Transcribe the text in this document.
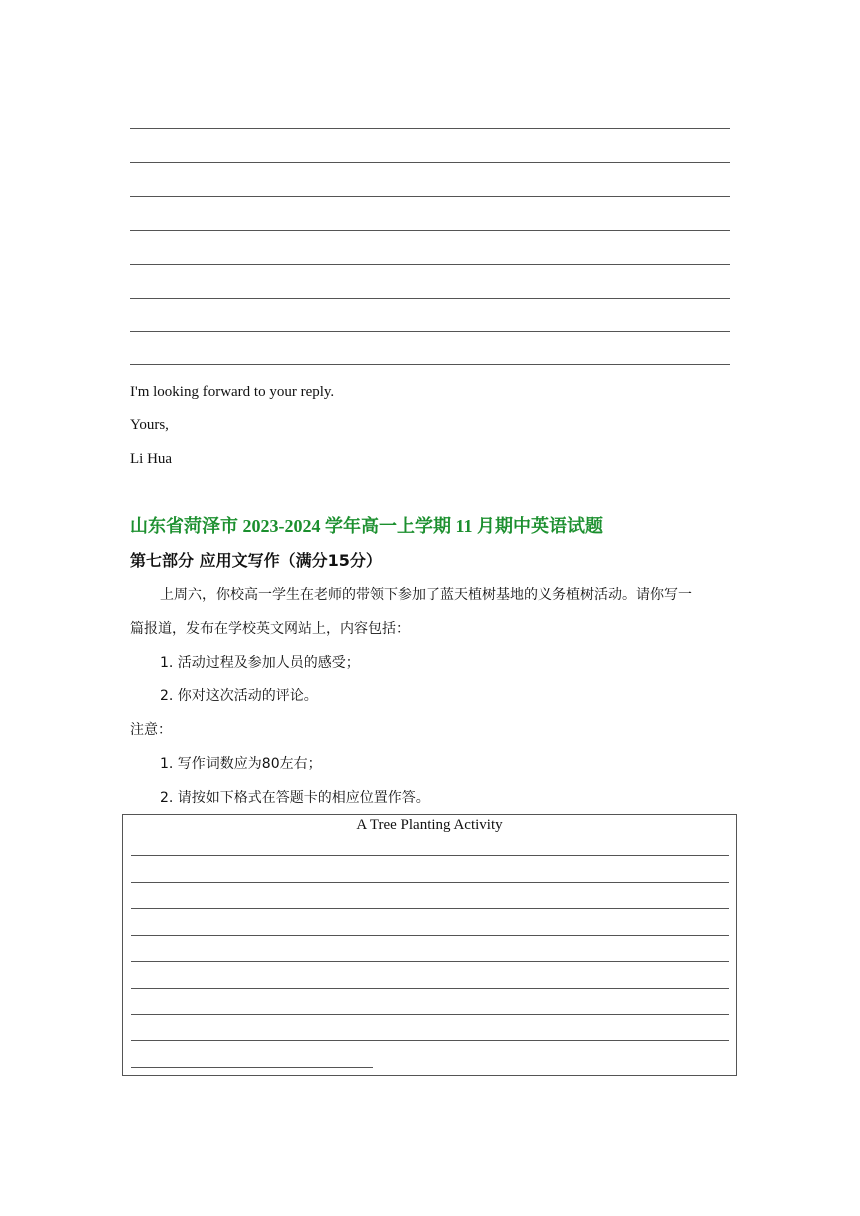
I'm looking forward to your reply.
Yours,
Li Hua
山东省菏泽市 2023-2024 学年高一上学期 11 月期中英语试题
第七部分 应用文写作（满分15分）
上周六，你校高一学生在老师的带领下参加了蓝天植树基地的义务植树活动。请你写一
篇报道，发布在学校英文网站上，内容包括：
1. 活动过程及参加人员的感受；
2. 你对这次活动的评论。
注意：
1. 写作词数应为80左右；
2. 请按如下格式在答题卡的相应位置作答。
A Tree Planting Activity
